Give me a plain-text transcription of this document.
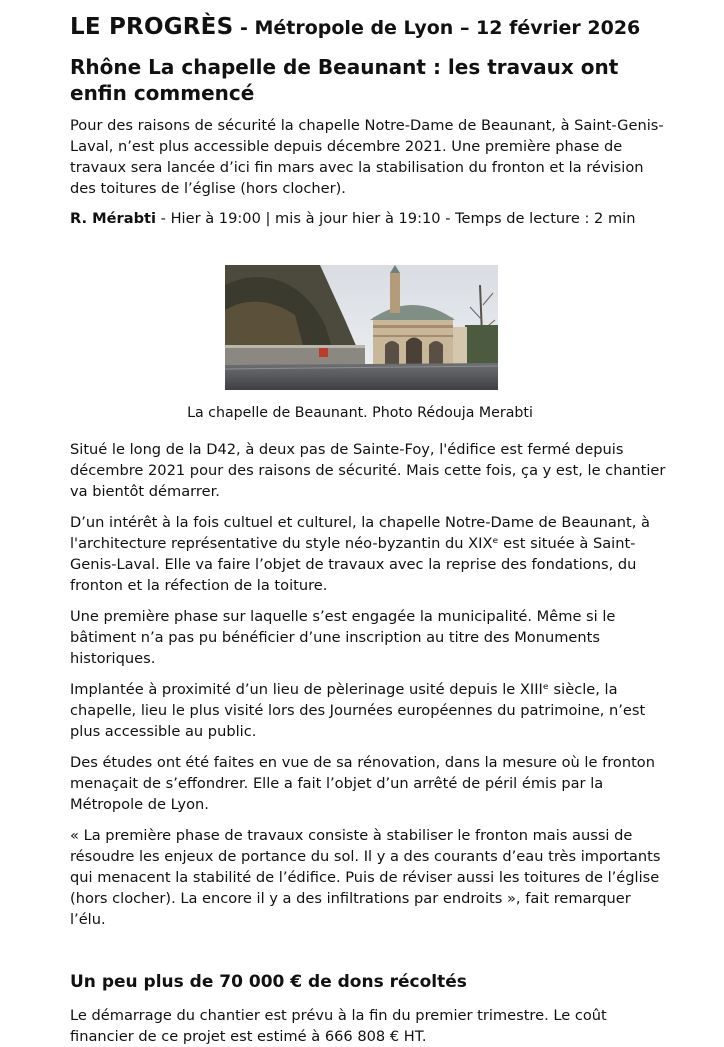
LE PROGRÈS - Métropole de Lyon – 12 février 2026
Rhône La chapelle de Beaunant : les travaux ont enfin commencé

Pour des raisons de sécurité la chapelle Notre-Dame de Beaunant, à Saint-Genis-Laval, n’est plus accessible depuis décembre 2021. Une première phase de travaux sera lancée d’ici fin mars avec la stabilisation du fronton et la révision des toitures de l’église (hors clocher).

R. Mérabti - Hier à 19:00 | mis à jour hier à 19:10 - Temps de lecture : 2 min
La chapelle de Beaunant. Photo Rédouja Merabti

Situé le long de la D42, à deux pas de Sainte-Foy, l'édifice est fermé depuis décembre 2021 pour des raisons de sécurité. Mais cette fois, ça y est, le chantier va bientôt démarrer.

D’un intérêt à la fois cultuel et culturel, la chapelle Notre-Dame de Beaunant, à l'architecture représentative du style néo-byzantin du XIXᵉ est située à Saint-Genis-Laval. Elle va faire l’objet de travaux avec la reprise des fondations, du fronton et la réfection de la toiture.

Une première phase sur laquelle s’est engagée la municipalité. Même si le bâtiment n’a pas pu bénéficier d’une inscription au titre des Monuments historiques.

Implantée à proximité d’un lieu de pèlerinage usité depuis le XIIIᵉ siècle, la chapelle, lieu le plus visité lors des Journées européennes du patrimoine, n’est plus accessible au public.

Des études ont été faites en vue de sa rénovation, dans la mesure où le fronton menaçait de s’effondrer. Elle a fait l’objet d’un arrêté de péril émis par la Métropole de Lyon.

« La première phase de travaux consiste à stabiliser le fronton mais aussi de résoudre les enjeux de portance du sol. Il y a des courants d’eau très importants qui menacent la stabilité de l’édifice. Puis de réviser aussi les toitures de l’église (hors clocher). La encore il y a des infiltrations par endroits », fait remarquer l’élu.

Un peu plus de 70 000 € de dons récoltés

Le démarrage du chantier est prévu à la fin du premier trimestre. Le coût financier de ce projet est estimé à 666 808 € HT.
